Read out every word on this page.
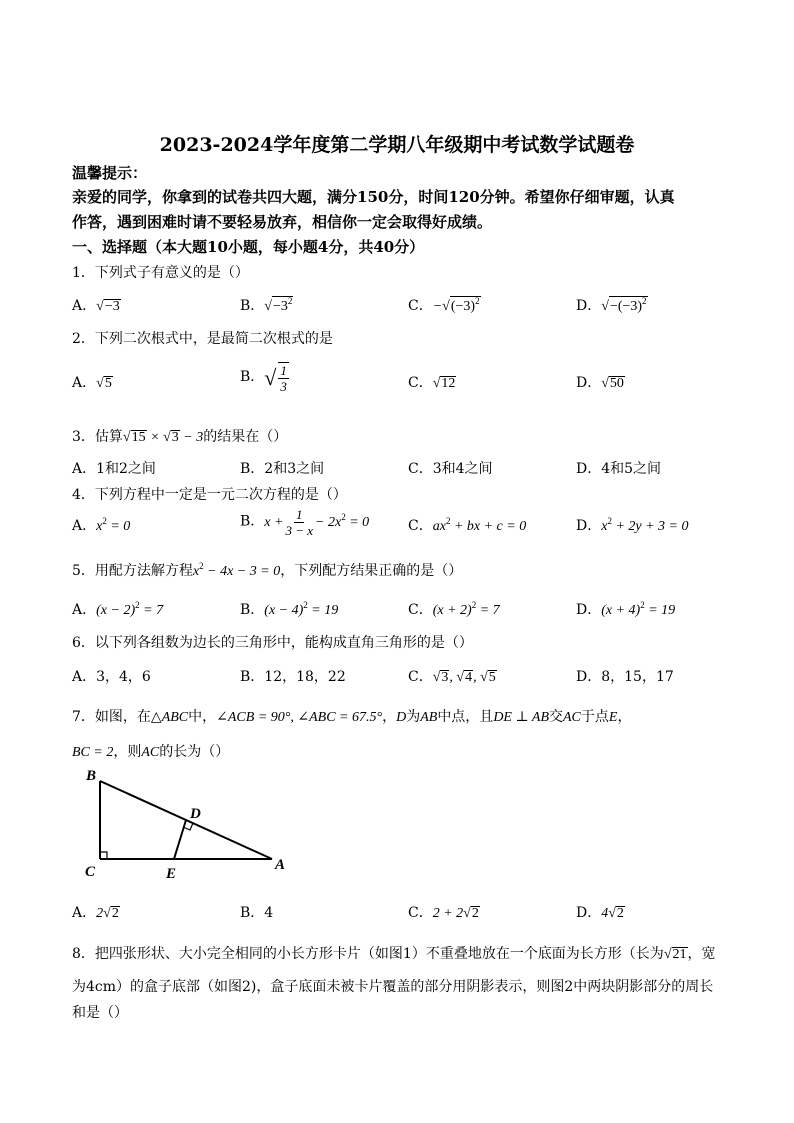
2023-2024学年度第二学期八年级期中考试数学试题卷
温馨提示：
亲爱的同学，你拿到的试卷共四大题，满分150分，时间120分钟。希望你仔细审题，认真
作答，遇到困难时请不要轻易放弃，相信你一定会取得好成绩。
一、选择题（本大题10小题，每小题4分，共40分）
1．下列式子有意义的是（）
A．√−3	B．$√-3^2$	C．$-√(-3)^2$	D．$√-(-3)^2$
2．下列二次根式中，是最简二次根式的是
A．√5	B．√ $\frac{1}{3}$	C．√12	D．√50
3．估算√15 × √3 − 3的结果在（）
A．1和2之间	B．2和3之间	C．3和4之间	D．4和5之间
4．下列方程中一定是一元二次方程的是（）
A．$x^2 = 0$	B．$x + \frac{1}{3 - x} - 2x^2 = 0$	C．$ax^2$ + bx + c = 0	D．$x^2 + 2y + 3 = 0$
5．用配方法解方程$x^2 - 4x - 3 = 0$，下列配方结果正确的是（）
A．$(x - 2)^2 = 7$	B．$(x - 4)^2 = 19$	C．$(x + 2)^2 = 7$	D．$(x + 4)^2 = 19$
6．以下列各组数为边长的三角形中，能构成直角三角形的是（）
A．3，4，6	B．12，18，22	C．√3, √4, √5	D．8，15，17
7．如图，在△ABC中，∠ACB = 90°, ∠ABC = 67.5°，D为AB中点，且DE ⊥ AB交AC于点E，
BC = 2，则AC的长为（）
B
D
C	E
A
A．2√2	B．4	C．2 + 2√2	D．4√2
8．把四张形状、大小完全相同的小长方形卡片（如图1）不重叠地放在一个底面为长方形（长为√21，宽
为4cm）的盒子底部（如图2)，盒子底面未被卡片覆盖的部分用阴影表示，则图2中两块阴影部分的周长
和是（）
